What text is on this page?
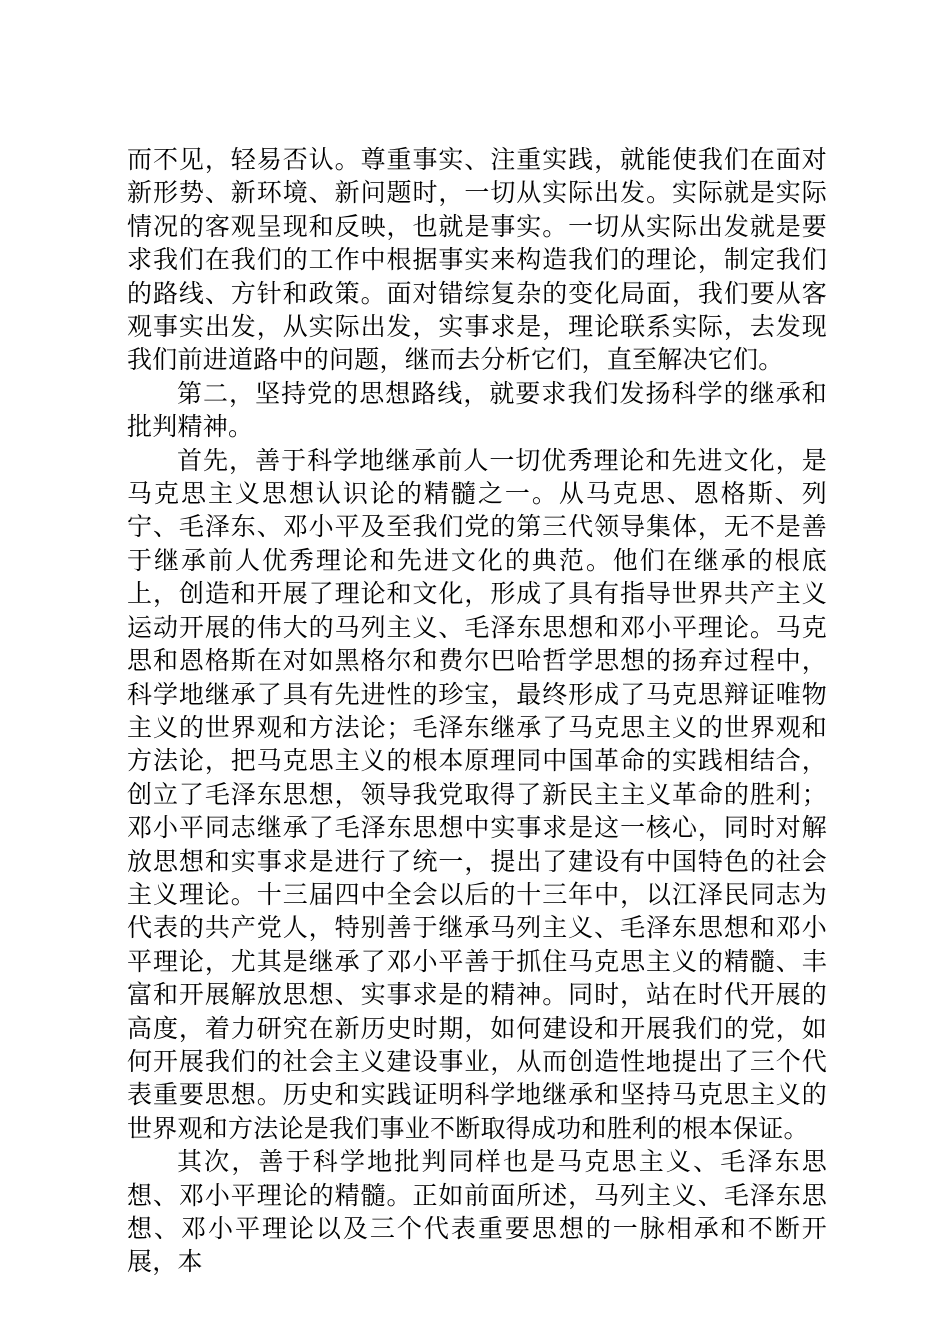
而不见，轻易否认。尊重事实、注重实践，就能使我们在面对新形势、新环境、新问题时，一切从实际出发。实际就是实际情况的客观呈现和反映，也就是事实。一切从实际出发就是要求我们在我们的工作中根据事实来构造我们的理论，制定我们的路线、方针和政策。面对错综复杂的变化局面，我们要从客观事实出发，从实际出发，实事求是，理论联系实际，去发现我们前进道路中的问题，继而去分析它们，直至解决它们。

第二，坚持党的思想路线，就要求我们发扬科学的继承和批判精神。

首先，善于科学地继承前人一切优秀理论和先进文化，是马克思主义思想认识论的精髓之一。从马克思、恩格斯、列宁、毛泽东、邓小平及至我们党的第三代领导集体，无不是善于继承前人优秀理论和先进文化的典范。他们在继承的根底上，创造和开展了理论和文化，形成了具有指导世界共产主义运动开展的伟大的马列主义、毛泽东思想和邓小平理论。马克思和恩格斯在对如黑格尔和费尔巴哈哲学思想的扬弃过程中，科学地继承了具有先进性的珍宝，最终形成了马克思辩证唯物主义的世界观和方法论；毛泽东继承了马克思主义的世界观和方法论，把马克思主义的根本原理同中国革命的实践相结合，创立了毛泽东思想，领导我党取得了新民主主义革命的胜利；邓小平同志继承了毛泽东思想中实事求是这一核心，同时对解放思想和实事求是进行了统一，提出了建设有中国特色的社会主义理论。十三届四中全会以后的十三年中，以江泽民同志为代表的共产党人，特别善于继承马列主义、毛泽东思想和邓小平理论，尤其是继承了邓小平善于抓住马克思主义的精髓、丰富和开展解放思想、实事求是的精神。同时，站在时代开展的高度，着力研究在新历史时期，如何建设和开展我们的党，如何开展我们的社会主义建设事业，从而创造性地提出了三个代表重要思想。历史和实践证明科学地继承和坚持马克思主义的世界观和方法论是我们事业不断取得成功和胜利的根本保证。

其次，善于科学地批判同样也是马克思主义、毛泽东思想、邓小平理论的精髓。正如前面所述，马列主义、毛泽东思想、邓小平理论以及三个代表重要思想的一脉相承和不断开展，本
